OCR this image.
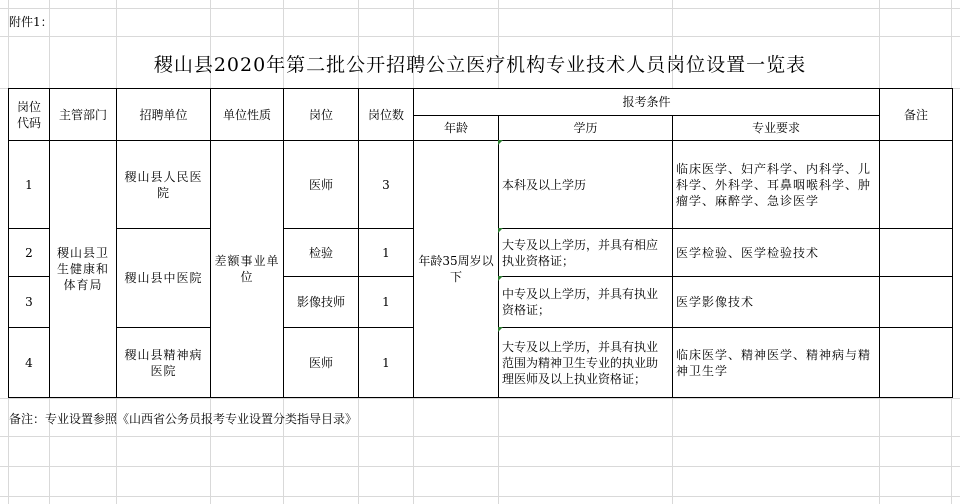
附件1：
稷山县2020年第二批公开招聘公立医疗机构专业技术人员岗位设置一览表
岗位代码	主管部门	招聘单位	单位性质	岗位	岗位数	报考条件			备注
						年龄	学历	专业要求	
1	稷山县卫生健康和体育局	稷山县人民医院	差额事业单位	医师	3	年龄35周岁以下	本科及以上学历	临床医学、妇产科学、内科学、儿科学、外科学、耳鼻咽喉科学、肿瘤学、麻醉学、急诊医学	
2		稷山县中医院		检验	1		大专及以上学历，并具有相应执业资格证；	医学检验、医学检验技术	
3				影像技师	1		中专及以上学历，并具有执业资格证；	医学影像技术	
4		稷山县精神病医院		医师	1		大专及以上学历，并具有执业范围为精神卫生专业的执业助理医师及以上执业资格证；	临床医学、精神医学、精神病与精神卫生学	
备注：专业设置参照《山西省公务员报考专业设置分类指导目录》
